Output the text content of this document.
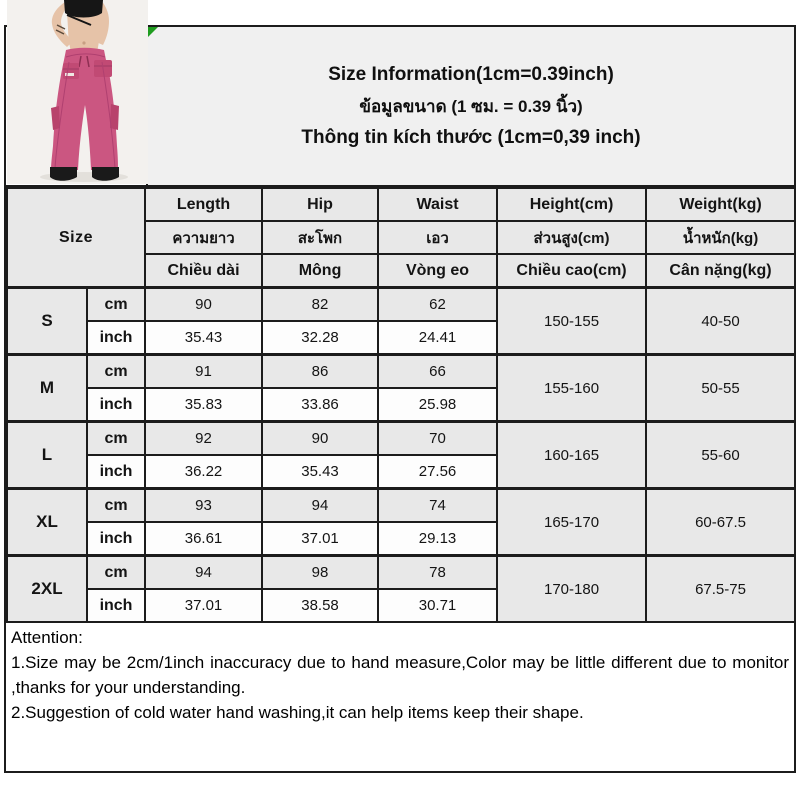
Size Information(1cm=0.39inch)
ข้อมูลขนาด (1 ซม. = 0.39 นิ้ว)
Thông tin kích thước (1cm=0,39 inch)
Size		Length	Hip	Waist	Height(cm)	Weight(kg)
		ความยาว	สะโพก	เอว	ส่วนสูง(cm)	น้ำหนัก(kg)
		Chiều dài	Mông	Vòng eo	Chiều cao(cm)	Cân nặng(kg)
S	cm	90	82	62	150-155	40-50
	inch	35.43	32.28	24.41		
M	cm	91	86	66	155-160	50-55
	inch	35.83	33.86	25.98		
L	cm	92	90	70	160-165	55-60
	inch	36.22	35.43	27.56		
XL	cm	93	94	74	165-170	60-67.5
	inch	36.61	37.01	29.13		
2XL	cm	94	98	78	170-180	67.5-75
	inch	37.01	38.58	30.71		
Attention:
1.Size may be 2cm/1inch inaccuracy due to hand measure,Color may be little different due to monitor
,thanks for your understanding.
2.Suggestion of cold water hand washing,it can help items keep their shape.
